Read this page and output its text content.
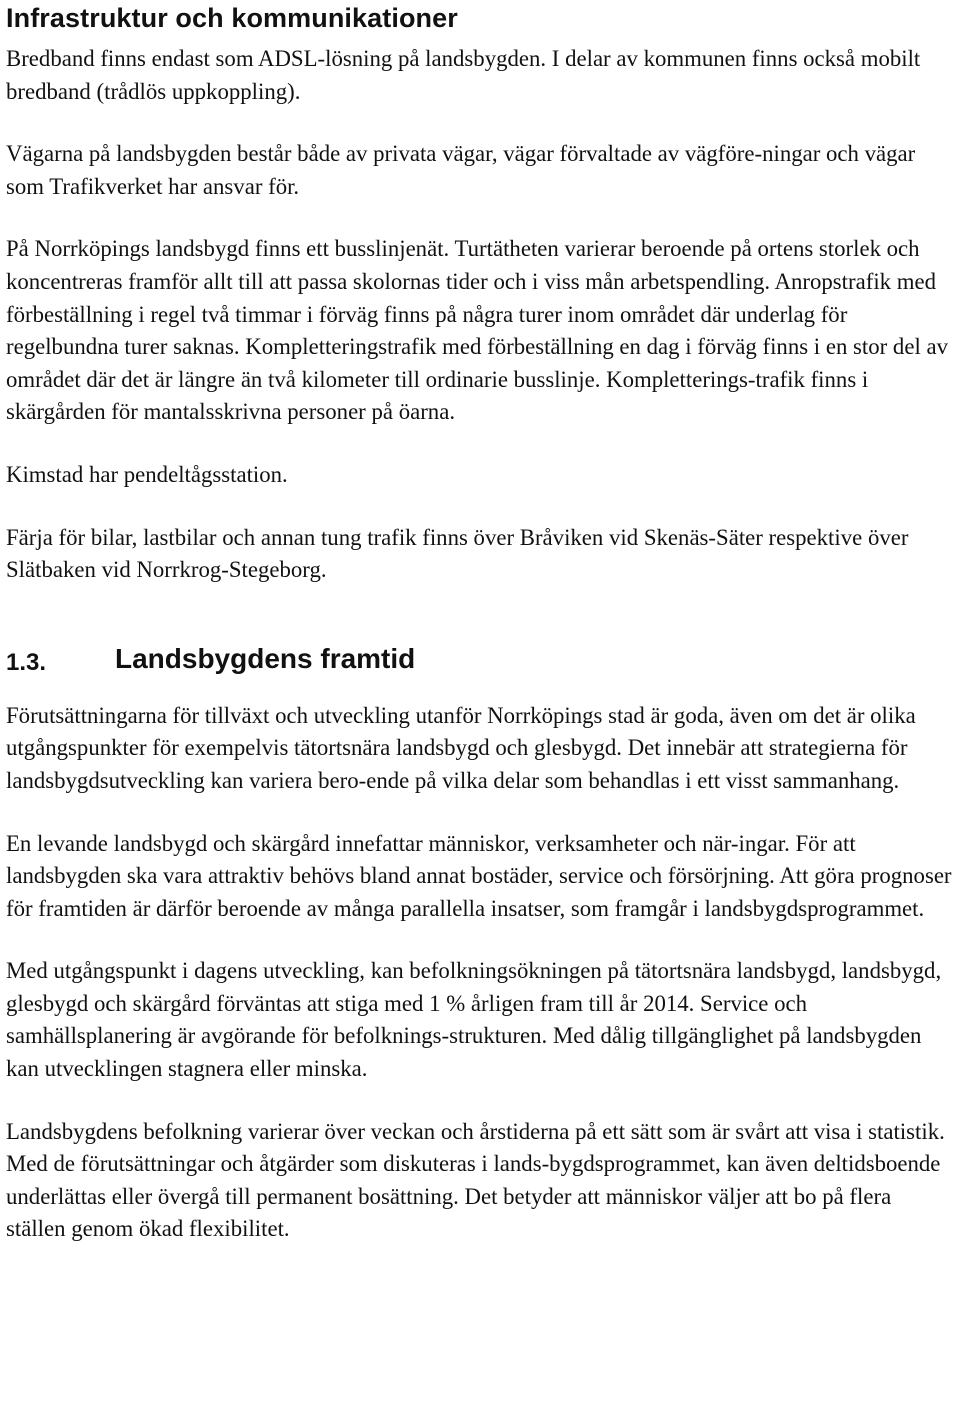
Infrastruktur och kommunikationer

Bredband finns endast som ADSL-lösning på landsbygden. I delar av kommunen finns också mobilt bredband (trådlös uppkoppling).

Vägarna på landsbygden består både av privata vägar, vägar förvaltade av vägföre-ningar och vägar som Trafikverket har ansvar för.

På Norrköpings landsbygd finns ett busslinjenät. Turtätheten varierar beroende på ortens storlek och koncentreras framför allt till att passa skolornas tider och i viss mån arbetspendling. Anropstrafik med förbeställning i regel två timmar i förväg finns på några turer inom området där underlag för regelbundna turer saknas. Kompletteringstrafik med förbeställning en dag i förväg finns i en stor del av området där det är längre än två kilometer till ordinarie busslinje. Kompletterings-trafik finns i skärgården för mantalsskrivna personer på öarna.

Kimstad har pendeltågsstation.

Färja för bilar, lastbilar och annan tung trafik finns över Bråviken vid Skenäs-Säter respektive över Slätbaken vid Norrkrog-Stegeborg.

1.3.	Landsbygdens framtid

Förutsättningarna för tillväxt och utveckling utanför Norrköpings stad är goda, även om det är olika utgångspunkter för exempelvis tätortsnära landsbygd och glesbygd. Det innebär att strategierna för landsbygdsutveckling kan variera bero-ende på vilka delar som behandlas i ett visst sammanhang.

En levande landsbygd och skärgård innefattar människor, verksamheter och när-ingar. För att landsbygden ska vara attraktiv behövs bland annat bostäder, service och försörjning. Att göra prognoser för framtiden är därför beroende av många parallella insatser, som framgår i landsbygdsprogrammet.

Med utgångspunkt i dagens utveckling, kan befolkningsökningen på tätortsnära landsbygd, landsbygd, glesbygd och skärgård förväntas att stiga med 1 % årligen fram till år 2014. Service och samhällsplanering är avgörande för befolknings-strukturen. Med dålig tillgänglighet på landsbygden kan utvecklingen stagnera eller minska.

Landsbygdens befolkning varierar över veckan och årstiderna på ett sätt som är svårt att visa i statistik. Med de förutsättningar och åtgärder som diskuteras i lands-bygdsprogrammet, kan även deltidsboende underlättas eller övergå till permanent bosättning. Det betyder att människor väljer att bo på flera ställen genom ökad flexibilitet.
